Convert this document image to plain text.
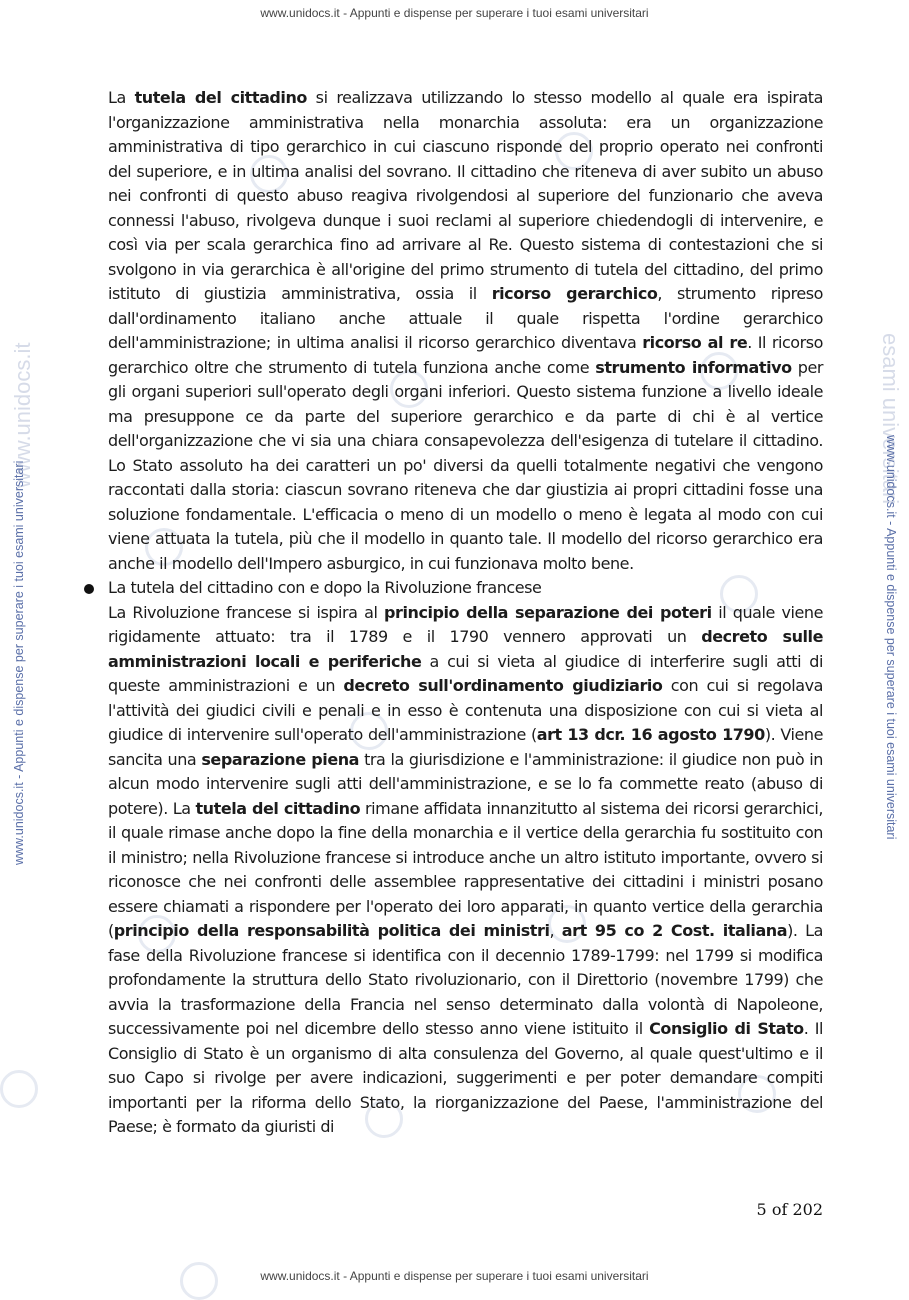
www.unidocs.it - Appunti e dispense per superare i tuoi esami universitari
www.unidocs.it	esami universitari
www.unidocs.it - Appunti e dispense per superare i tuoi esami universitari	www.unidocs.it - Appunti e dispense per superare i tuoi esami universitari

La tutela del cittadino si realizzava utilizzando lo stesso modello al quale era ispirata l'organizzazione amministrativa nella monarchia assoluta: era un organizzazione amministrativa di tipo gerarchico in cui ciascuno risponde del proprio operato nei confronti del superiore, e in ultima analisi del sovrano. Il cittadino che riteneva di aver subito un abuso nei confronti di questo abuso reagiva rivolgendosi al superiore del funzionario che aveva connessi l'abuso, rivolgeva dunque i suoi reclami al superiore chiedendogli di intervenire, e così via per scala gerarchica fino ad arrivare al Re. Questo sistema di contestazioni che si svolgono in via gerarchica è all'origine del primo strumento di tutela del cittadino, del primo istituto di giustizia amministrativa, ossia il ricorso gerarchico, strumento ripreso dall'ordinamento italiano anche attuale il quale rispetta l'ordine gerarchico dell'amministrazione; in ultima analisi il ricorso gerarchico diventava ricorso al re. Il ricorso gerarchico oltre che strumento di tutela funziona anche come strumento informativo per gli organi superiori sull'operato degli organi inferiori. Questo sistema funzione a livello ideale ma presuppone ce da parte del superiore gerarchico e da parte di chi è al vertice dell'organizzazione che vi sia una chiara consapevolezza dell'esigenza di tutelare il cittadino. Lo Stato assoluto ha dei caratteri un po' diversi da quelli totalmente negativi che vengono raccontati dalla storia: ciascun sovrano riteneva che dar giustizia ai propri cittadini fosse una soluzione fondamentale. L'efficacia o meno di un modello o meno è legata al modo con cui viene attuata la tutela, più che il modello in quanto tale. Il modello del ricorso gerarchico era anche il modello dell'Impero asburgico, in cui funzionava molto bene.

La tutela del cittadino con e dopo la Rivoluzione francese

La Rivoluzione francese si ispira al principio della separazione dei poteri il quale viene rigidamente attuato: tra il 1789 e il 1790 vennero approvati un decreto sulle amministrazioni locali e periferiche a cui si vieta al giudice di interferire sugli atti di queste amministrazioni e un decreto sull'ordinamento giudiziario con cui si regolava l'attività dei giudici civili e penali e in esso è contenuta una disposizione con cui si vieta al giudice di intervenire sull'operato dell'amministrazione (art 13 dcr. 16 agosto 1790). Viene sancita una separazione piena tra la giurisdizione e l'amministrazione: il giudice non può in alcun modo intervenire sugli atti dell'amministrazione, e se lo fa commette reato (abuso di potere). La tutela del cittadino rimane affidata innanzitutto al sistema dei ricorsi gerarchici, il quale rimase anche dopo la fine della monarchia e il vertice della gerarchia fu sostituito con il ministro; nella Rivoluzione francese si introduce anche un altro istituto importante, ovvero si riconosce che nei confronti delle assemblee rappresentative dei cittadini i ministri posano essere chiamati a rispondere per l'operato dei loro apparati, in quanto vertice della gerarchia (principio della responsabilità politica dei ministri, art 95 co 2 Cost. italiana). La fase della Rivoluzione francese si identifica con il decennio 1789-1799: nel 1799 si modifica profondamente la struttura dello Stato rivoluzionario, con il Direttorio (novembre 1799) che avvia la trasformazione della Francia nel senso determinato dalla volontà di Napoleone, successivamente poi nel dicembre dello stesso anno viene istituito il Consiglio di Stato. Il Consiglio di Stato è un organismo di alta consulenza del Governo, al quale quest'ultimo e il suo Capo si rivolge per avere indicazioni, suggerimenti e per poter demandare compiti importanti per la riforma dello Stato, la riorganizzazione del Paese, l'amministrazione del Paese; è formato da giuristi di

5 of 202
www.unidocs.it - Appunti e dispense per superare i tuoi esami universitari
